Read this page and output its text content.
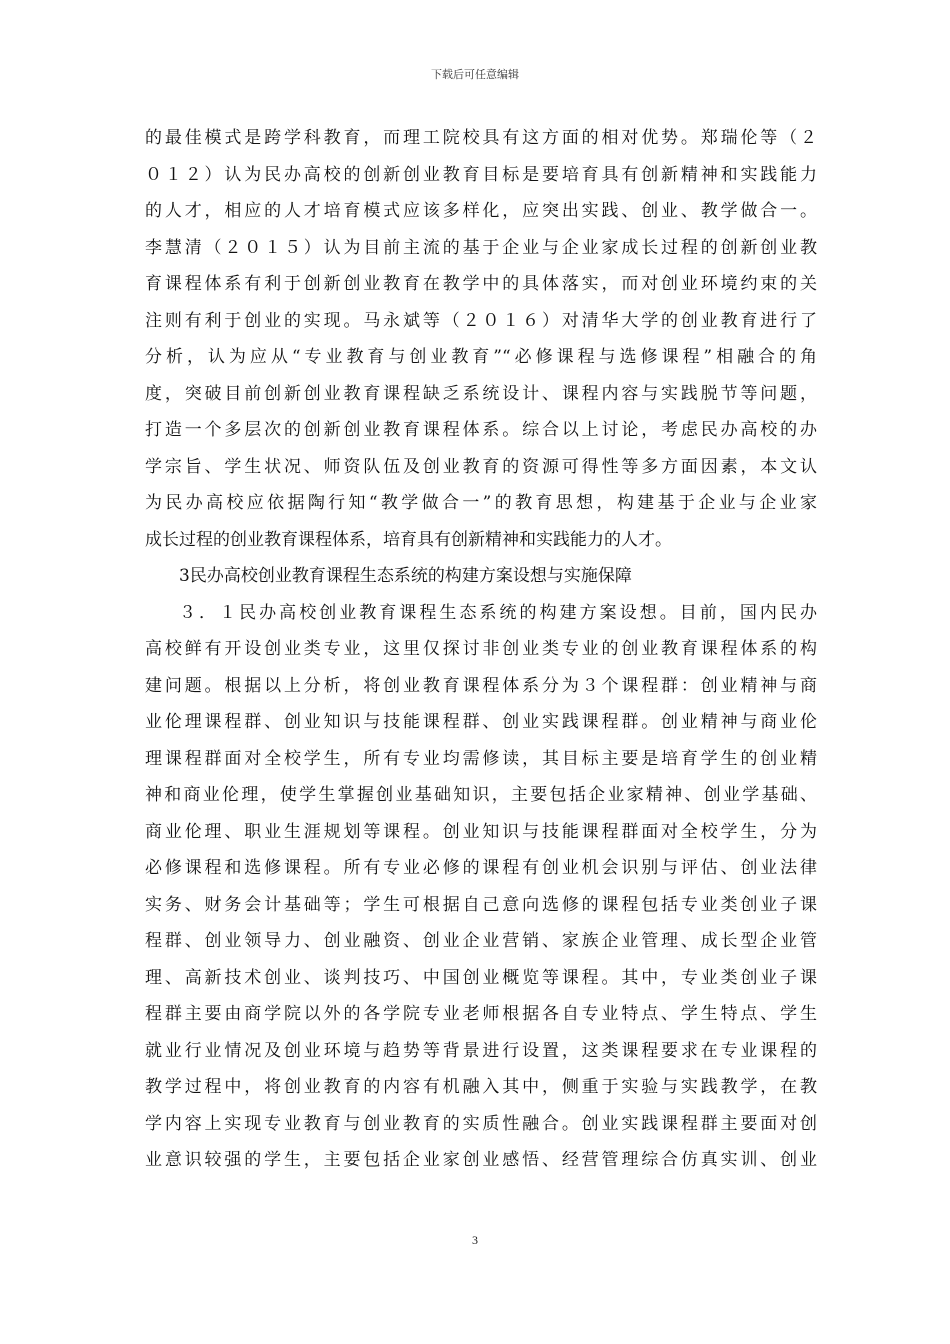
下载后可任意编辑
的最佳模式是跨学科教育，而理工院校具有这方面的相对优势。郑瑞伦等（２
０１２）认为民办高校的创新创业教育目标是要培育具有创新精神和实践能力
的人才，相应的人才培育模式应该多样化，应突出实践、创业、教学做合一。
李慧清（２０１５）认为目前主流的基于企业与企业家成长过程的创新创业教
育课程体系有利于创新创业教育在教学中的具体落实，而对创业环境约束的关
注则有利于创业的实现。马永斌等（２０１６）对清华大学的创业教育进行了
分析，认为应从“专业教育与创业教育”“必修课程与选修课程”相融合的角
度，突破目前创新创业教育课程缺乏系统设计、课程内容与实践脱节等问题，
打造一个多层次的创新创业教育课程体系。综合以上讨论，考虑民办高校的办
学宗旨、学生状况、师资队伍及创业教育的资源可得性等多方面因素，本文认
为民办高校应依据陶行知“教学做合一”的教育思想，构建基于企业与企业家
成长过程的创业教育课程体系，培育具有创新精神和实践能力的人才。
3民办高校创业教育课程生态系统的构建方案设想与实施保障
３．１民办高校创业教育课程生态系统的构建方案设想。目前，国内民办
高校鲜有开设创业类专业，这里仅探讨非创业类专业的创业教育课程体系的构
建问题。根据以上分析，将创业教育课程体系分为３个课程群：创业精神与商
业伦理课程群、创业知识与技能课程群、创业实践课程群。创业精神与商业伦
理课程群面对全校学生，所有专业均需修读，其目标主要是培育学生的创业精
神和商业伦理，使学生掌握创业基础知识，主要包括企业家精神、创业学基础、
商业伦理、职业生涯规划等课程。创业知识与技能课程群面对全校学生，分为
必修课程和选修课程。所有专业必修的课程有创业机会识别与评估、创业法律
实务、财务会计基础等；学生可根据自己意向选修的课程包括专业类创业子课
程群、创业领导力、创业融资、创业企业营销、家族企业管理、成长型企业管
理、高新技术创业、谈判技巧、中国创业概览等课程。其中，专业类创业子课
程群主要由商学院以外的各学院专业老师根据各自专业特点、学生特点、学生
就业行业情况及创业环境与趋势等背景进行设置，这类课程要求在专业课程的
教学过程中，将创业教育的内容有机融入其中，侧重于实验与实践教学，在教
学内容上实现专业教育与创业教育的实质性融合。创业实践课程群主要面对创
业意识较强的学生，主要包括企业家创业感悟、经营管理综合仿真实训、创业
3
